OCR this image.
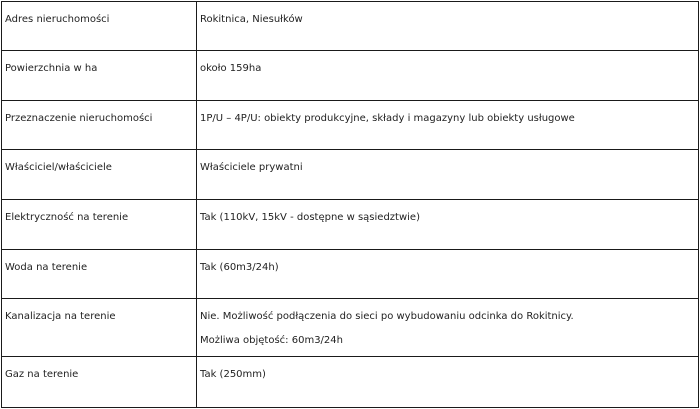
Adres nieruchomości	Rokitnica, Niesułków

Powierzchnia w ha	około 159ha

Przeznaczenie nieruchomości	1P/U – 4P/U: obiekty produkcyjne, składy i magazyny lub obiekty usługowe

Właściciel/właściciele	Właściciele prywatni

Elektryczność na terenie	Tak (110kV, 15kV - dostępne w sąsiedztwie)

Woda na terenie	Tak (60m3/24h)

Kanalizacja na terenie	Nie. Możliwość podłączenia do sieci po wybudowaniu odcinka do Rokitnicy.

Możliwa objętość: 60m3/24h

Gaz na terenie	Tak (250mm)
